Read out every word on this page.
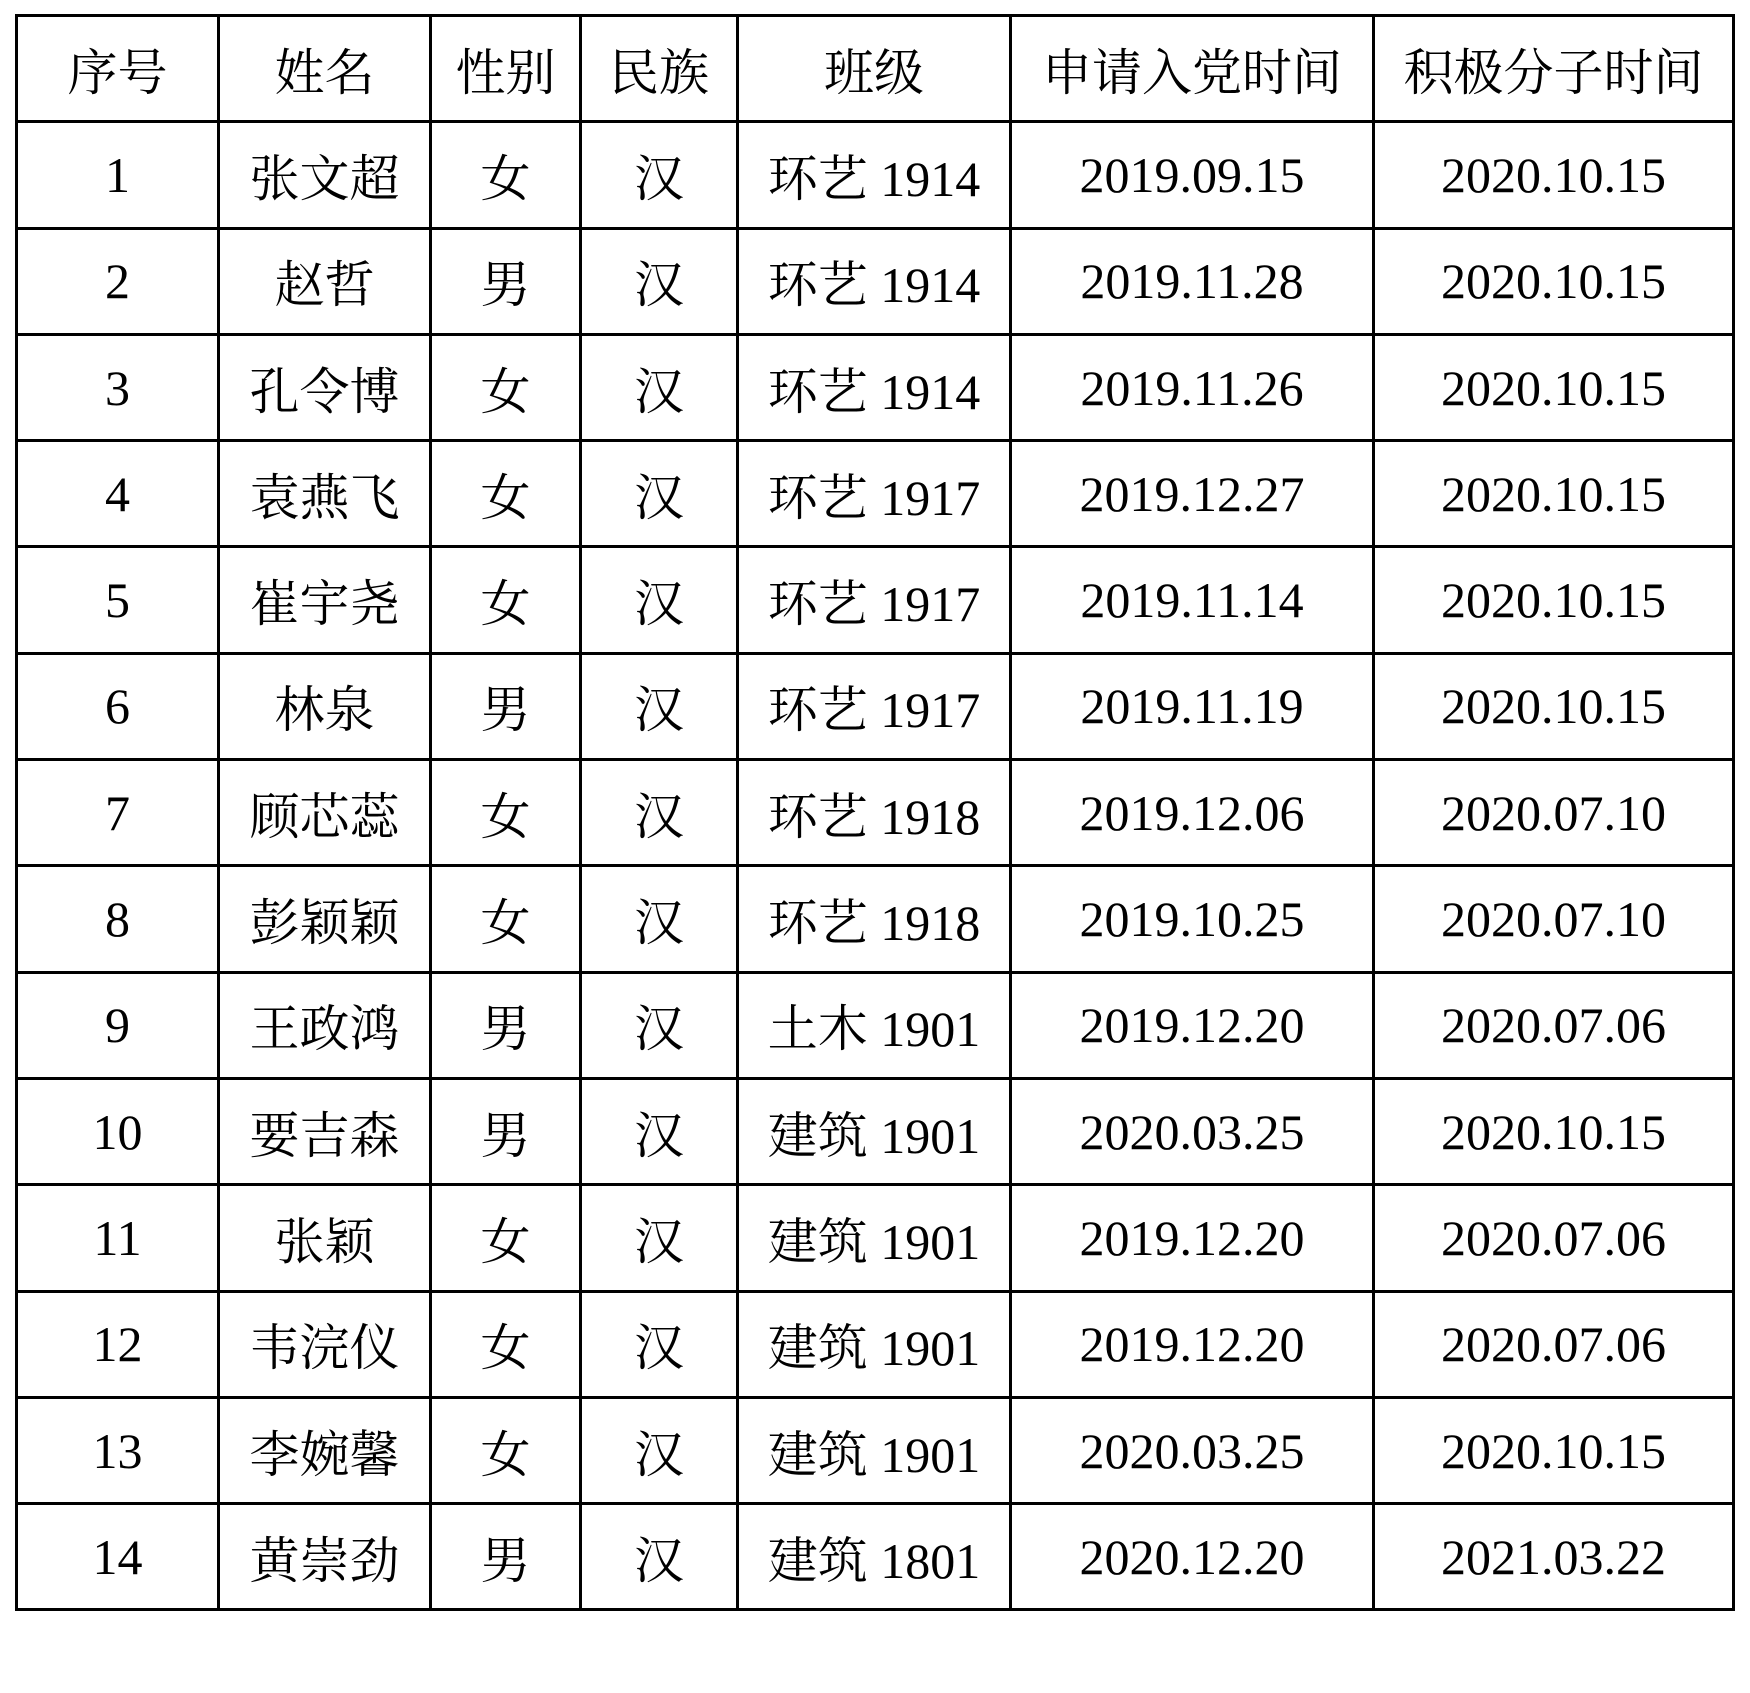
序号	姓名	性别	民族	班级	申请入党时间	积极分子时间
1	张文超	女	汉	环艺 1914	2019.09.15	2020.10.15
2	赵哲	男	汉	环艺 1914	2019.11.28	2020.10.15
3	孔令博	女	汉	环艺 1914	2019.11.26	2020.10.15
4	袁燕飞	女	汉	环艺 1917	2019.12.27	2020.10.15
5	崔宇尧	女	汉	环艺 1917	2019.11.14	2020.10.15
6	林泉	男	汉	环艺 1917	2019.11.19	2020.10.15
7	顾芯蕊	女	汉	环艺 1918	2019.12.06	2020.07.10
8	彭颖颖	女	汉	环艺 1918	2019.10.25	2020.07.10
9	王政鸿	男	汉	土木 1901	2019.12.20	2020.07.06
10	要吉森	男	汉	建筑 1901	2020.03.25	2020.10.15
11	张颖	女	汉	建筑 1901	2019.12.20	2020.07.06
12	韦浣仪	女	汉	建筑 1901	2019.12.20	2020.07.06
13	李婉馨	女	汉	建筑 1901	2020.03.25	2020.10.15
14	黄崇劲	男	汉	建筑 1801	2020.12.20	2021.03.22
